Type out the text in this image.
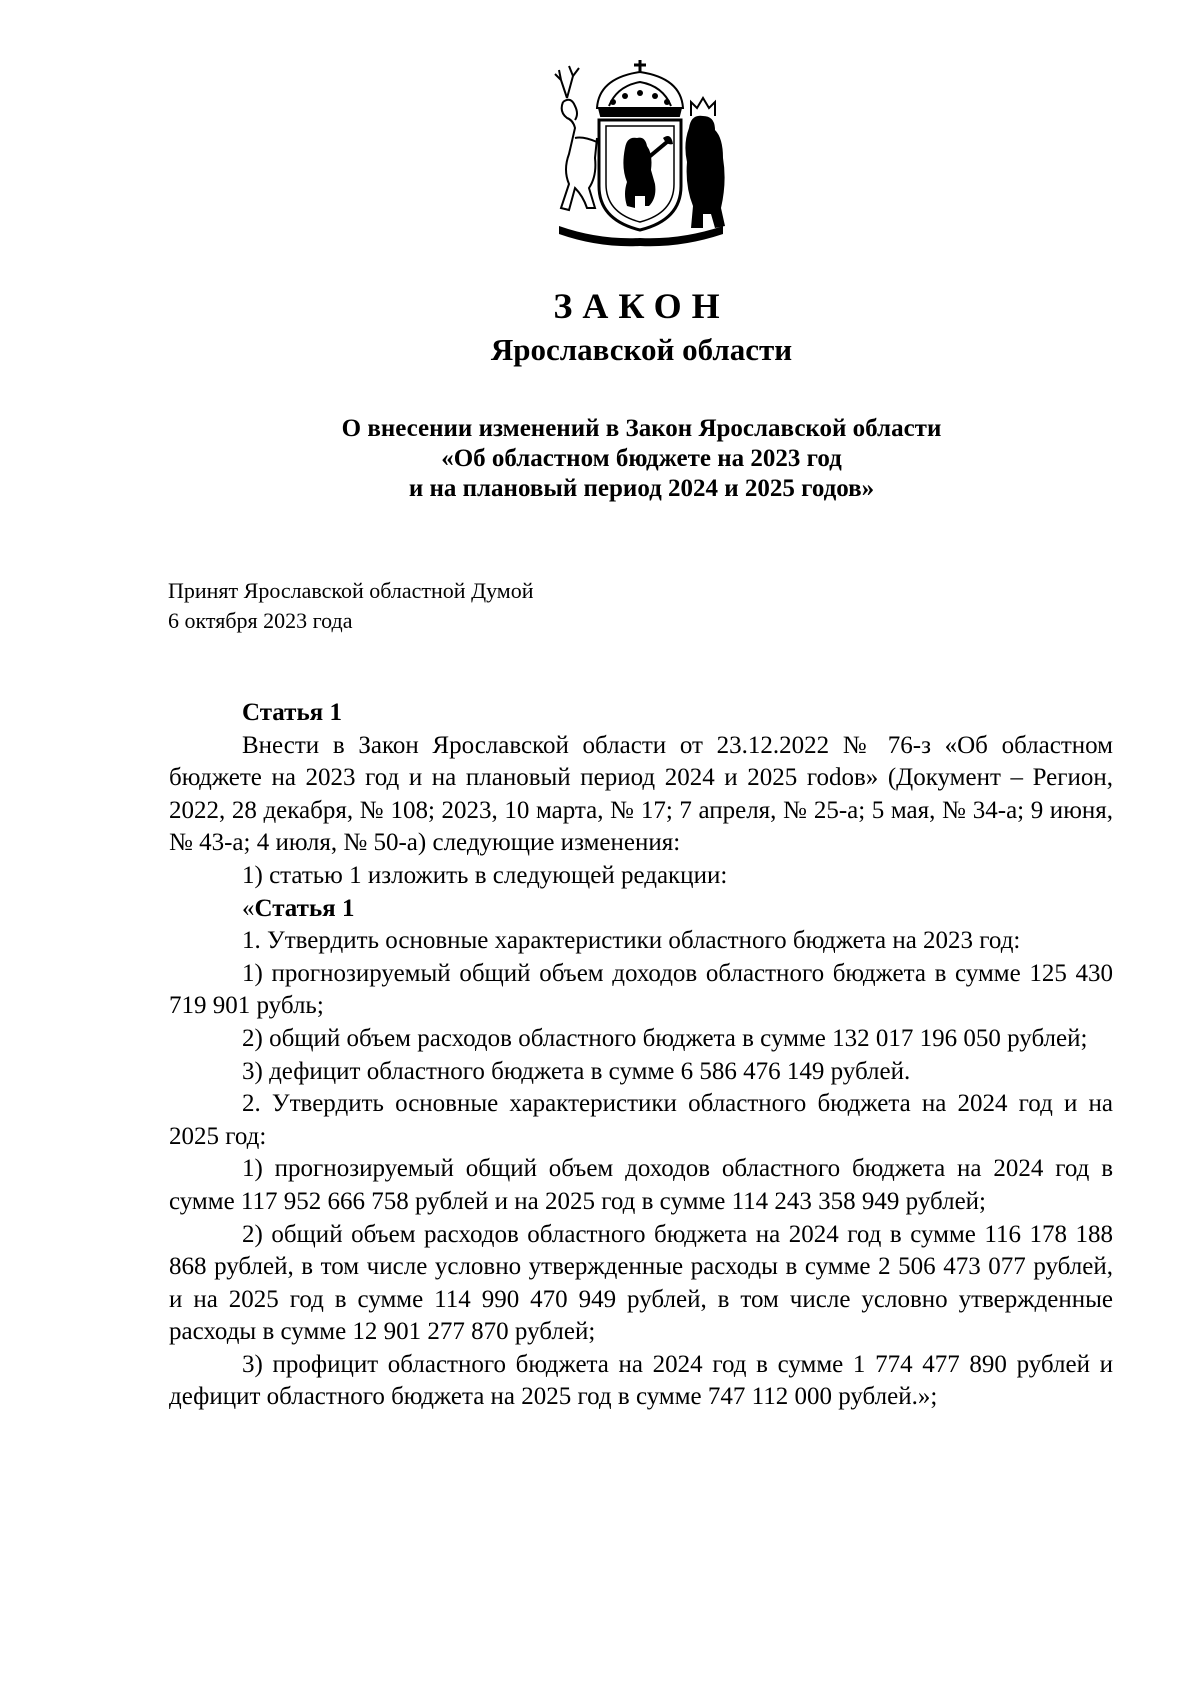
ЗАКОН
Ярославской области
О внесении изменений в Закон Ярославской области
«Об областном бюджете на 2023 год
и на плановый период 2024 и 2025 годов»
Принят Ярославской областной Думой
6 октября 2023 года

Статья 1

Внести в Закон Ярославской области от 23.12.2022 № 76-з «Об областном бюджете на 2023 год и на плановый период 2024 и 2025 гоdов» (Документ – Регион, 2022, 28 декабря, № 108; 2023, 10 марта, № 17; 7 апреля, № 25-а; 5 мая, № 34-а; 9 июня, № 43-а; 4 июля, № 50-а) следующие изменения:

1) статью 1 изложить в следующей редакции:

«Статья 1

1. Утвердить основные характеристики областного бюджета на 2023 год:

1) прогнозируемый общий объем доходов областного бюджета в сумме 125 430 719 901 рубль;

2) общий объем расходов областного бюджета в сумме 132 017 196 050 рублей;

3) дефицит областного бюджета в сумме 6 586 476 149 рублей.

2. Утвердить основные характеристики областного бюджета на 2024 год и на 2025 год:

1) прогнозируемый общий объем доходов областного бюджета на 2024 год в сумме 117 952 666 758 рублей и на 2025 год в сумме 114 243 358 949 рублей;

2) общий объем расходов областного бюджета на 2024 год в сумме 116 178 188 868 рублей, в том числе условно утвержденные расходы в сумме 2 506 473 077 рублей, и на 2025 год в сумме 114 990 470 949 рублей, в том числе условно утвержденные расходы в сумме 12 901 277 870 рублей;

3) профицит областного бюджета на 2024 год в сумме 1 774 477 890 рублей и дефицит областного бюджета на 2025 год в сумме 747 112 000 рублей.»;
